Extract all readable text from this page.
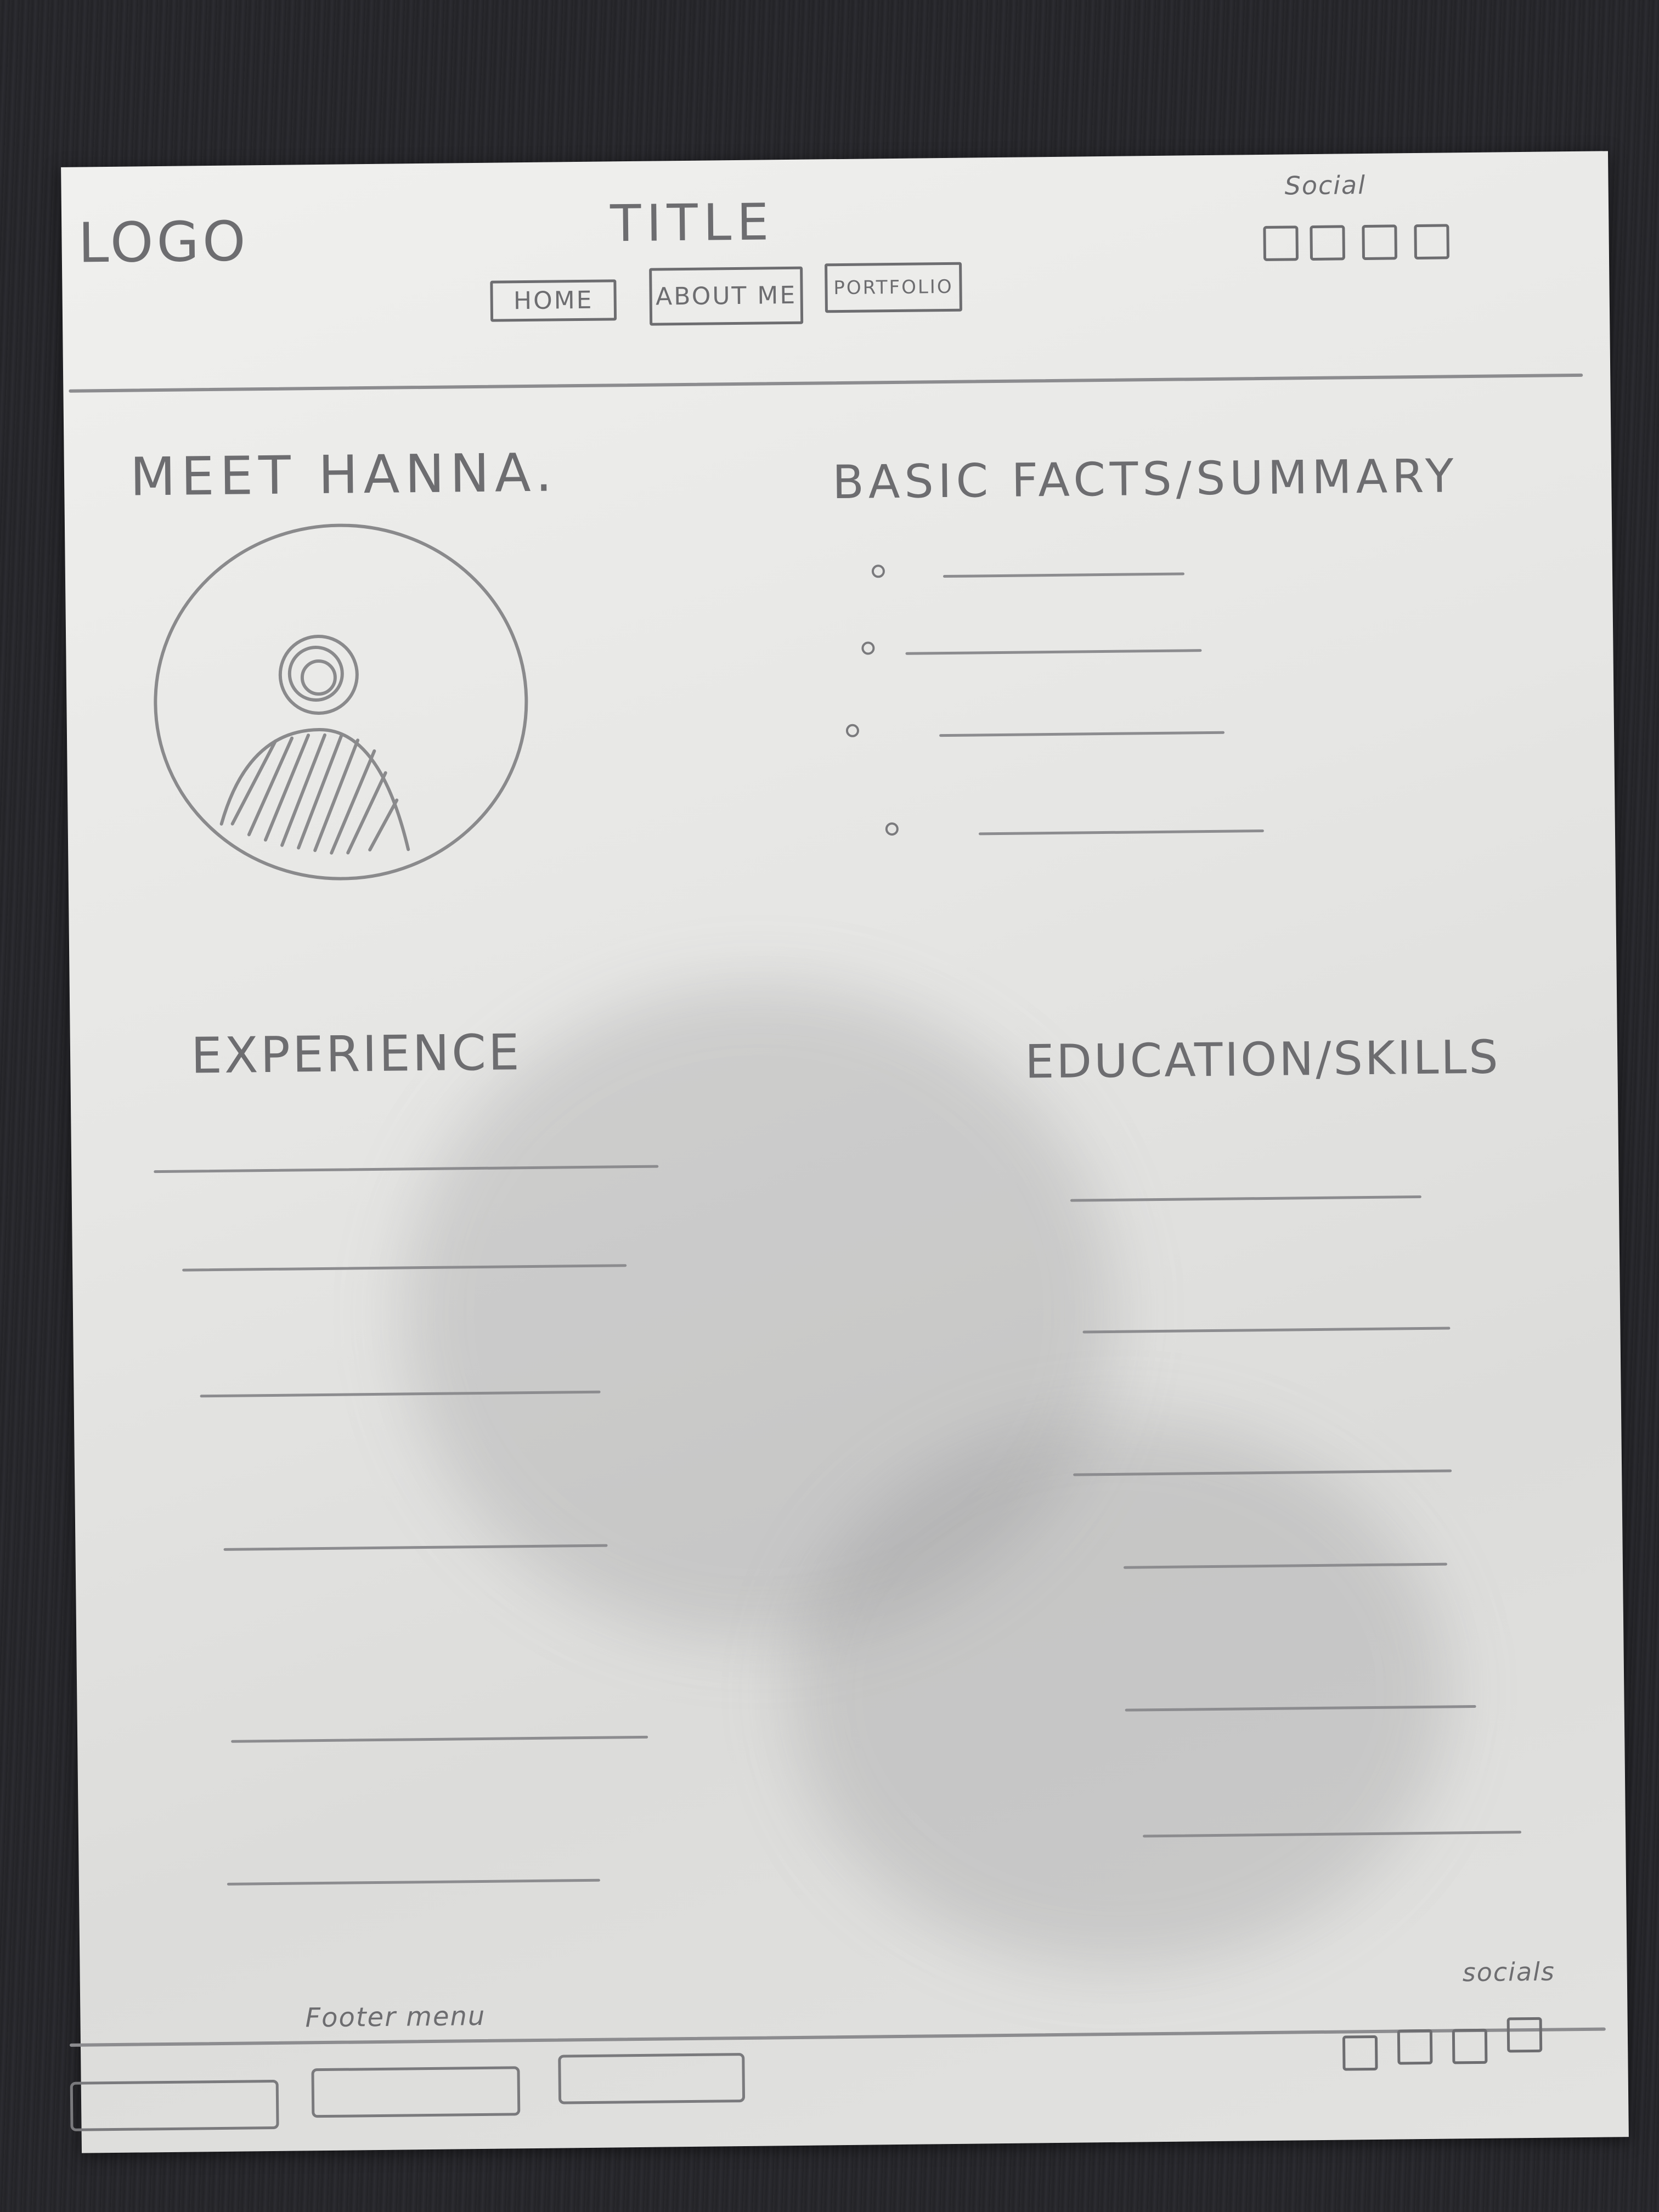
LOGO	TITLE
Social
HOME	ABOUT ME PORTFOLIO
MEET HANNA.	BASIC FACTS/SUMMARY
EXPERIENCE	EDUCATION/SKILLS
Footer menu
socials
